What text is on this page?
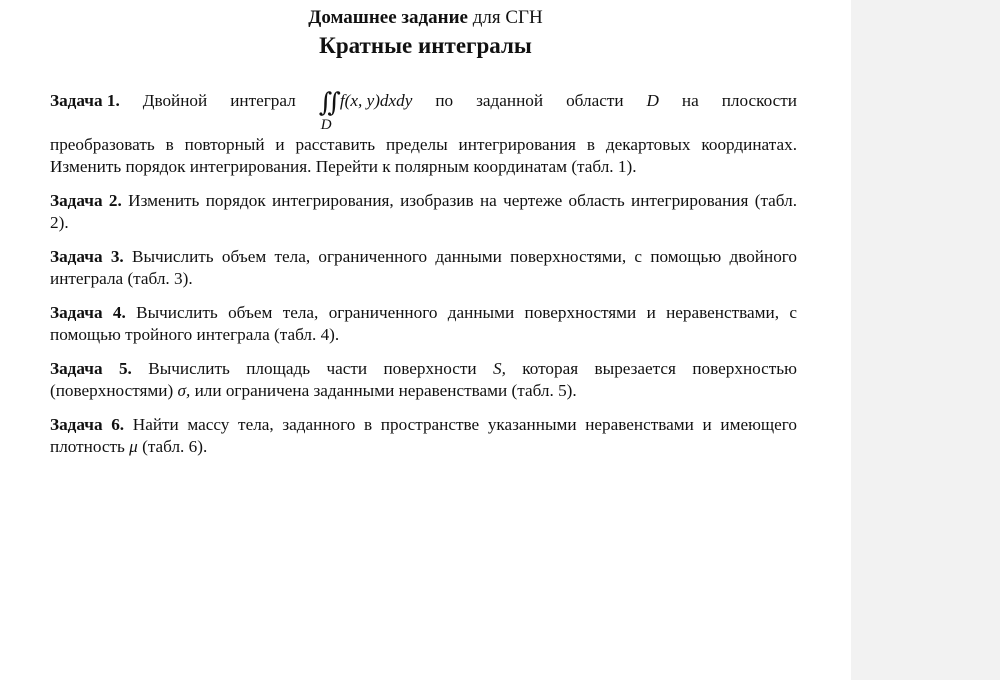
Домашнее задание для СГН
Кратные интегралы
Задача 1. Двойной интеграл ∬ f(x, y)dxdy
D
по заданной области D на плоскости
преобразовать в повторный и расставить пределы интегрирования в декартовых координатах. Изменить порядок интегрирования. Перейти к полярным координатам (табл. 1).
Задача 2. Изменить порядок интегрирования, изобразив на чертеже область интегрирования (табл. 2).
Задача 3. Вычислить объем тела, ограниченного данными поверхностями, с помощью двойного интеграла (табл. 3).
Задача 4. Вычислить объем тела, ограниченного данными поверхностями и неравенствами, с помощью тройного интеграла (табл. 4).
Задача 5. Вычислить площадь части поверхности S, которая вырезается поверхностью (поверхностями) σ, или ограничена заданными неравенствами (табл. 5).
Задача 6. Найти массу тела, заданного в пространстве указанными неравенствами и имеющего плотность μ (табл. 6).
